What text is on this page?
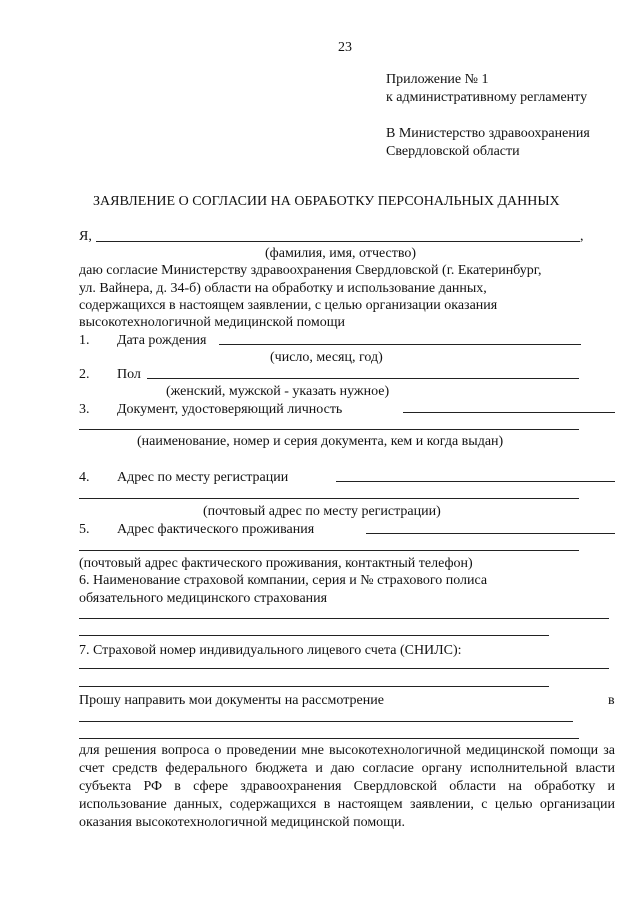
23
Приложение № 1
к административному регламенту
В Министерство здравоохранения
Свердловской области
ЗАЯВЛЕНИЕ О СОГЛАСИИ НА ОБРАБОТКУ ПЕРСОНАЛЬНЫХ ДАННЫХ
Я,	,
(фамилия, имя, отчество)
даю согласие Министерству здравоохранения Свердловской (г. Екатеринбург,
ул. Вайнера, д. 34-б) области на обработку и использование данных,
содержащихся в настоящем заявлении, с целью организации оказания
высокотехнологичной медицинской помощи
1. Дата рождения
(число, месяц, год)
2. Пол
(женский, мужской - указать нужное)
3. Документ, удостоверяющий личность
(наименование, номер и серия документа, кем и когда выдан)
4. Адрес по месту регистрации
(почтовый адрес по месту регистрации)
5. Адрес фактического проживания
(почтовый адрес фактического проживания, контактный телефон)
6. Наименование страховой компании, серия и № страхового полиса
обязательного медицинского страхования
7. Страховой номер индивидуального лицевого счета (СНИЛС):
Прошу направить мои документы на рассмотрение	в
для решения вопроса о проведении мне высокотехнологичной медицинской помощи за счет средств федерального бюджета и даю согласие органу исполнительной власти субъекта РФ в сфере здравоохранения Свердловской области на обработку и использование данных, содержащихся в настоящем заявлении, с целью организации оказания высокотехнологичной медицинской помощи.
